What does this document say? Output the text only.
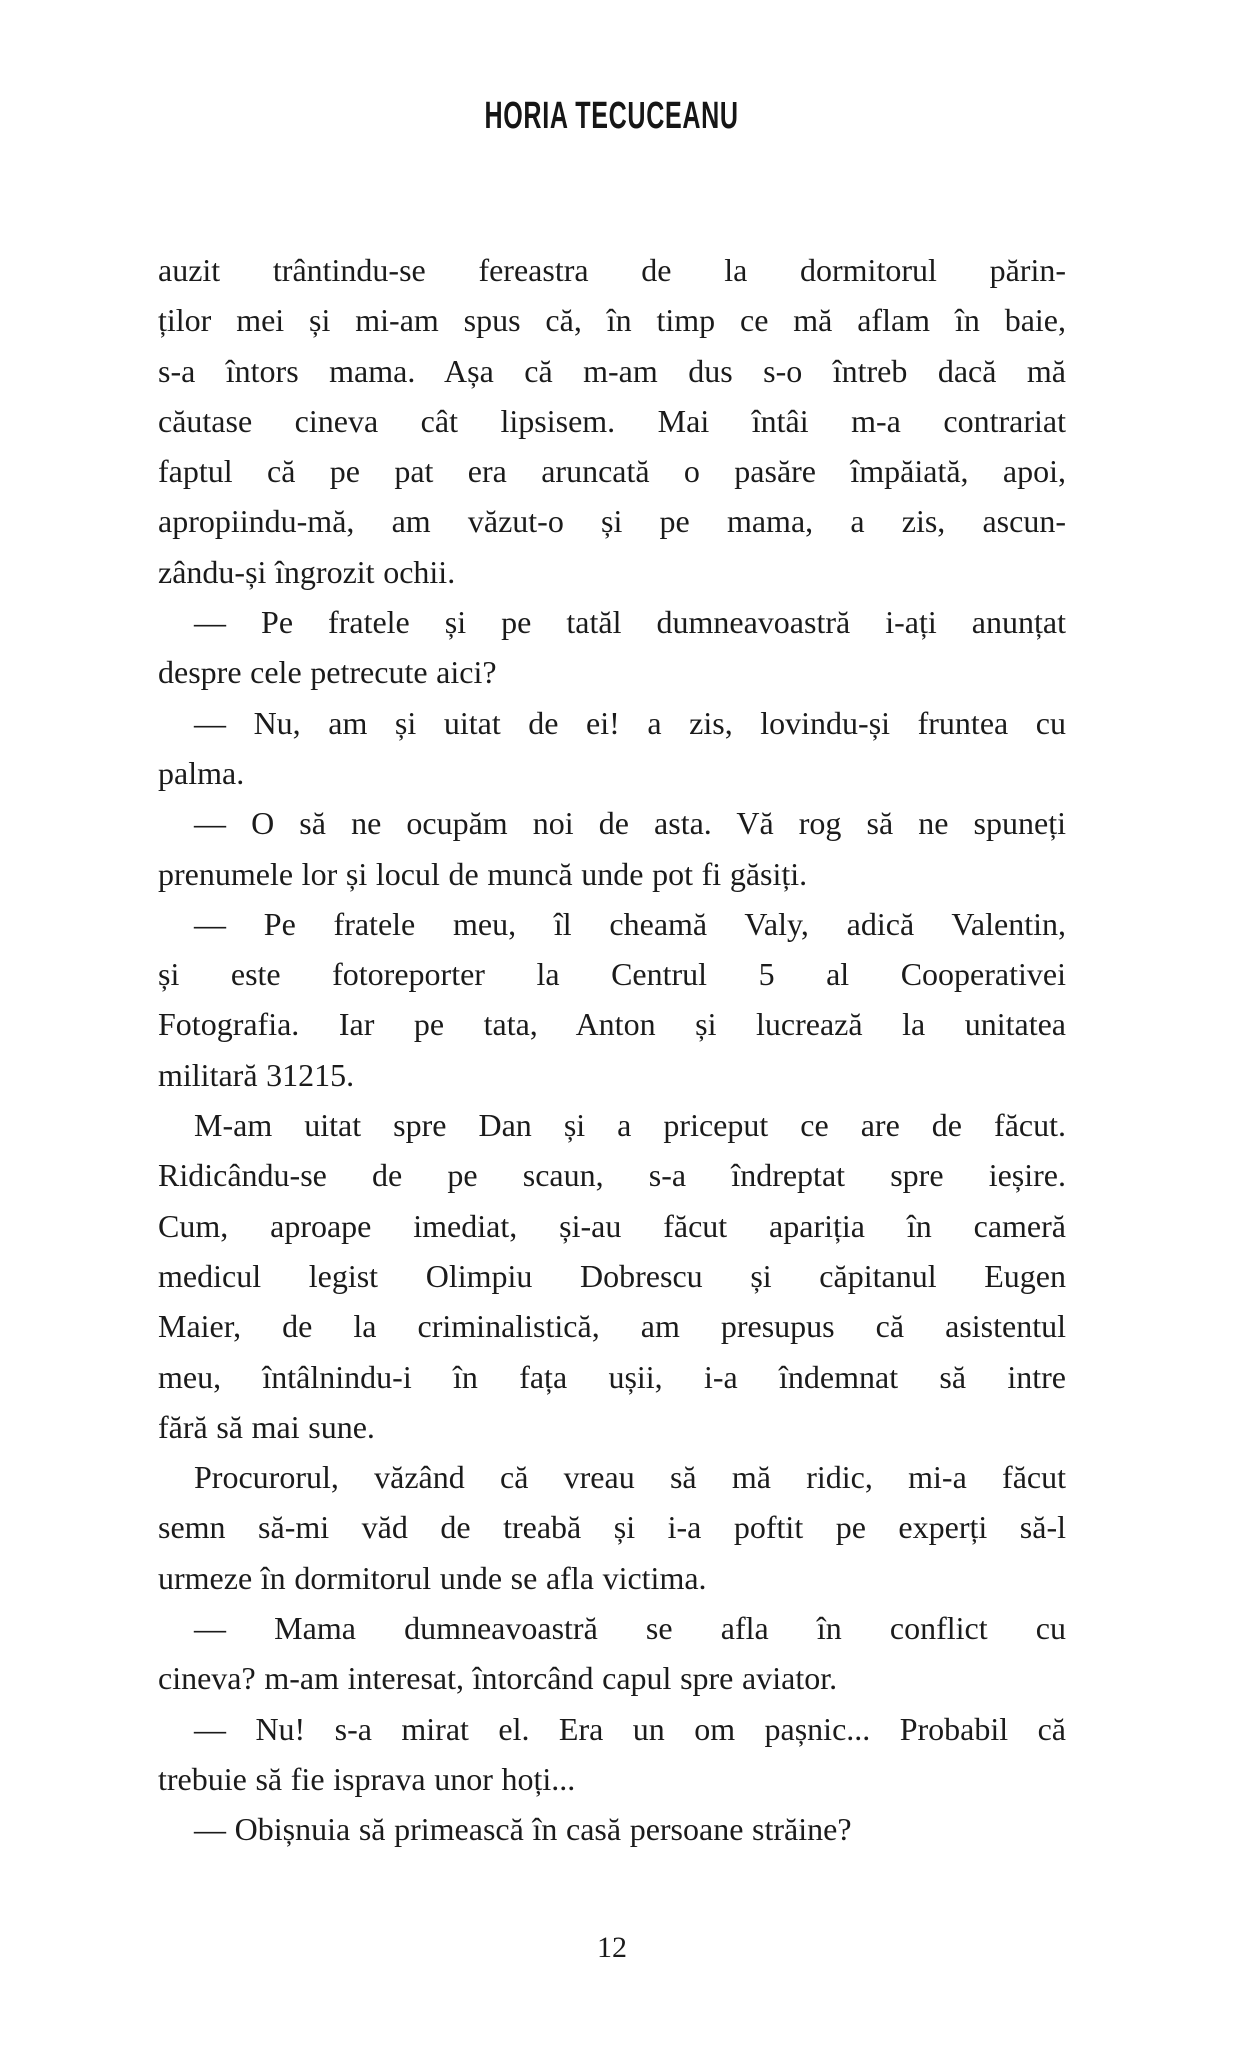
HORIA TECUCEANU
auzit trântindu-se fereastra de la dormitorul părin-
ților mei și mi-am spus că, în timp ce mă aflam în baie,
s-a întors mama. Așa că m-am dus s-o întreb dacă mă
căutase cineva cât lipsisem. Mai întâi m-a contrariat
faptul că pe pat era aruncată o pasăre împăiată, apoi,
apropiindu-mă, am văzut-o și pe mama, a zis, ascun-
zându-și îngrozit ochii.
— Pe fratele și pe tatăl dumneavoastră i-ați anunțat
despre cele petrecute aici?
— Nu, am și uitat de ei! a zis, lovindu-și fruntea cu
palma.
— O să ne ocupăm noi de asta. Vă rog să ne spuneți
prenumele lor și locul de muncă unde pot fi găsiți.
— Pe fratele meu, îl cheamă Valy, adică Valentin,
și este fotoreporter la Centrul 5 al Cooperativei
Fotografia. Iar pe tata, Anton și lucrează la unitatea
militară 31215.
M-am uitat spre Dan și a priceput ce are de făcut.
Ridicându-se de pe scaun, s-a îndreptat spre ieșire.
Cum, aproape imediat, și-au făcut apariția în cameră
medicul legist Olimpiu Dobrescu și căpitanul Eugen
Maier, de la criminalistică, am presupus că asistentul
meu, întâlnindu-i în fața ușii, i-a îndemnat să intre
fără să mai sune.
Procurorul, văzând că vreau să mă ridic, mi-a făcut
semn să-mi văd de treabă și i-a poftit pe experți să-l
urmeze în dormitorul unde se afla victima.
— Mama dumneavoastră se afla în conflict cu
cineva? m-am interesat, întorcând capul spre aviator.
— Nu! s-a mirat el. Era un om pașnic... Probabil că
trebuie să fie isprava unor hoți...
— Obișnuia să primească în casă persoane străine?
12
